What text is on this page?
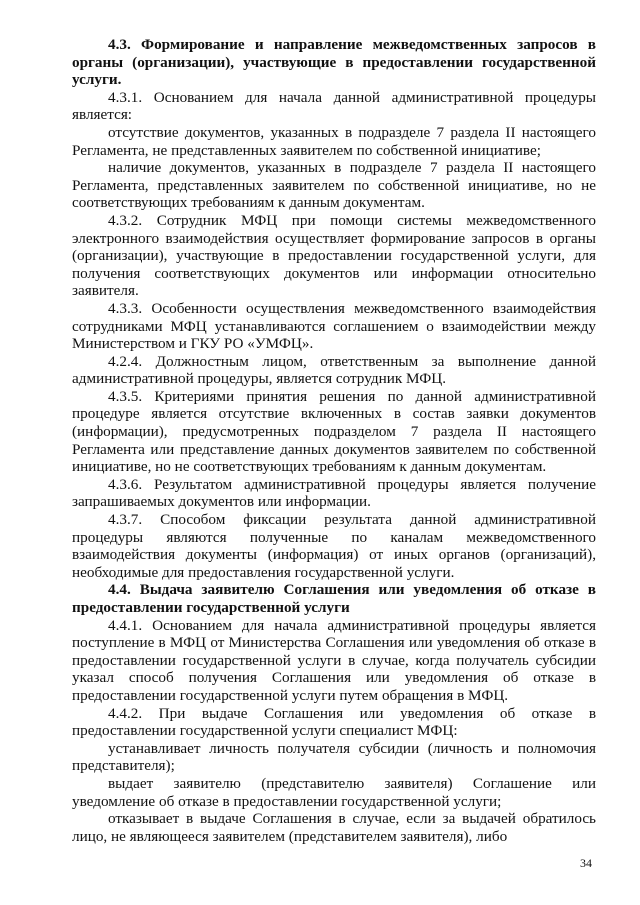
4.3. Формирование и направление межведомственных запросов в органы (организации), участвующие в предоставлении государственной услуги.

4.3.1. Основанием для начала данной административной процедуры является:

отсутствие документов, указанных в подразделе 7 раздела II настоящего Регламента, не представленных заявителем по собственной инициативе;

наличие документов, указанных в подразделе 7 раздела II настоящего Регламента, представленных заявителем по собственной инициативе, но не соответствующих требованиям к данным документам.

4.3.2. Сотрудник МФЦ при помощи системы межведомственного электронного взаимодействия осуществляет формирование запросов в органы (организации), участвующие в предоставлении государственной услуги, для получения соответствующих документов или информации относительно заявителя.

4.3.3. Особенности осуществления межведомственного взаимодействия сотрудниками МФЦ устанавливаются соглашением о взаимодействии между Министерством и ГКУ РО «УМФЦ».

4.2.4. Должностным лицом, ответственным за выполнение данной административной процедуры, является сотрудник МФЦ.

4.3.5. Критериями принятия решения по данной административной процедуре является отсутствие включенных в состав заявки документов (информации), предусмотренных подразделом 7 раздела II настоящего Регламента или представление данных документов заявителем по собственной инициативе, но не соответствующих требованиям к данным документам.

4.3.6. Результатом административной процедуры является получение запрашиваемых документов или информации.

4.3.7. Способом фиксации результата данной административной процедуры являются полученные по каналам межведомственного взаимодействия документы (информация) от иных органов (организаций), необходимые для предоставления государственной услуги.

4.4. Выдача заявителю Соглашения или уведомления об отказе в предоставлении государственной услуги

4.4.1. Основанием для начала административной процедуры является поступление в МФЦ от Министерства Соглашения или уведомления об отказе в предоставлении государственной услуги в случае, когда получатель субсидии указал способ получения Соглашения или уведомления об отказе в предоставлении государственной услуги путем обращения в МФЦ.

4.4.2. При выдаче Соглашения или уведомления об отказе в предоставлении государственной услуги специалист МФЦ:

устанавливает личность получателя субсидии (личность и полномочия представителя);

выдает заявителю (представителю заявителя) Соглашение или уведомление об отказе в предоставлении государственной услуги;

отказывает в выдаче Соглашения в случае, если за выдачей обратилось лицо, не являющееся заявителем (представителем заявителя), либо

34
